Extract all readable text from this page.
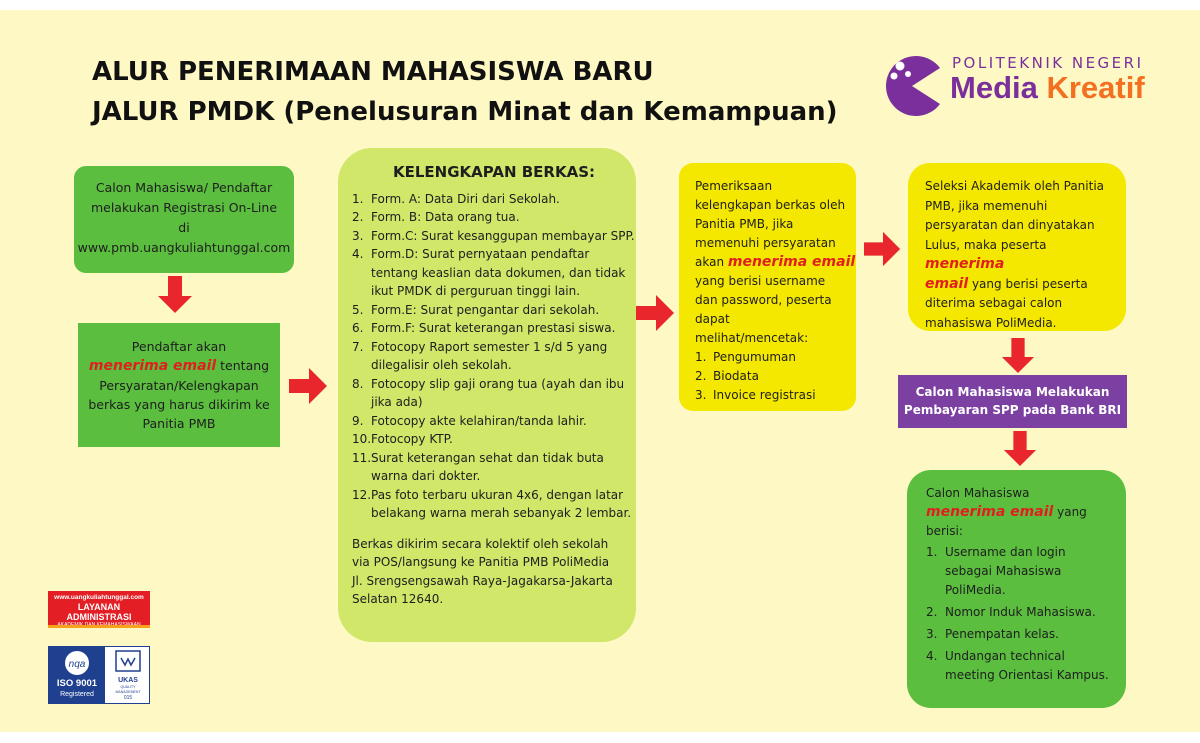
ALUR PENERIMAAN MAHASISWA BARU
JALUR PMDK (Penelusuran Minat dan Kemampuan)
POLITEKNIK NEGERI
Media Kreatif
Calon Mahasiswa/ Pendaftar
melakukan Registrasi On-Line
di
www.pmb.uangkuliahtunggal.com
Pendaftar akan
menerima email tentang
Persyaratan/Kelengkapan
berkas yang harus dikirim ke
Panitia PMB
KELENGKAPAN BERKAS:
1. Form. A: Data Diri dari Sekolah.
2. Form. B: Data orang tua.
3. Form.C: Surat kesanggupan membayar SPP.
4. Form.D: Surat pernyataan pendaftar
tentang keaslian data dokumen, dan tidak
ikut PMDK di perguruan tinggi lain.
5. Form.E: Surat pengantar dari sekolah.
6. Form.F: Surat keterangan prestasi siswa.
7. Fotocopy Raport semester 1 s/d 5 yang
dilegalisir oleh sekolah.
8. Fotocopy slip gaji orang tua (ayah dan ibu
jika ada)
9. Fotocopy akte kelahiran/tanda lahir.
10. Fotocopy KTP.
11. Surat keterangan sehat dan tidak buta
warna dari dokter.
12. Pas foto terbaru ukuran 4x6, dengan latar
belakang warna merah sebanyak 2 lembar.
Berkas dikirim secara kolektif oleh sekolah
via POS/langsung ke Panitia PMB PoliMedia
Jl. Srengsengsawah Raya-Jagakarsa-Jakarta
Selatan 12640.
Pemeriksaan
kelengkapan berkas oleh
Panitia PMB, jika
memenuhi persyaratan
akan menerima email
yang berisi username
dan password, peserta
dapat
melihat/mencetak:
1. Pengumuman
2. Biodata
3. Invoice registrasi
Seleksi Akademik oleh Panitia
PMB, jika memenuhi
persyaratan dan dinyatakan
Lulus, maka peserta menerima
email yang berisi peserta
diterima sebagai calon
mahasiswa PoliMedia.
Calon Mahasiswa Melakukan
Pembayaran SPP pada Bank BRI
Calon Mahasiswa
menerima email yang berisi:
1. Username dan login
sebagai Mahasiswa
PoliMedia.
2. Nomor Induk Mahasiswa.
3. Penempatan kelas.
4. Undangan technical
meeting Orientasi Kampus.
www.uangkuliahtunggal.com
LAYANAN ADMINISTRASI
nqa
ISO 9001
Registered
UKAS
QUALITY MANAGEMENT
015
